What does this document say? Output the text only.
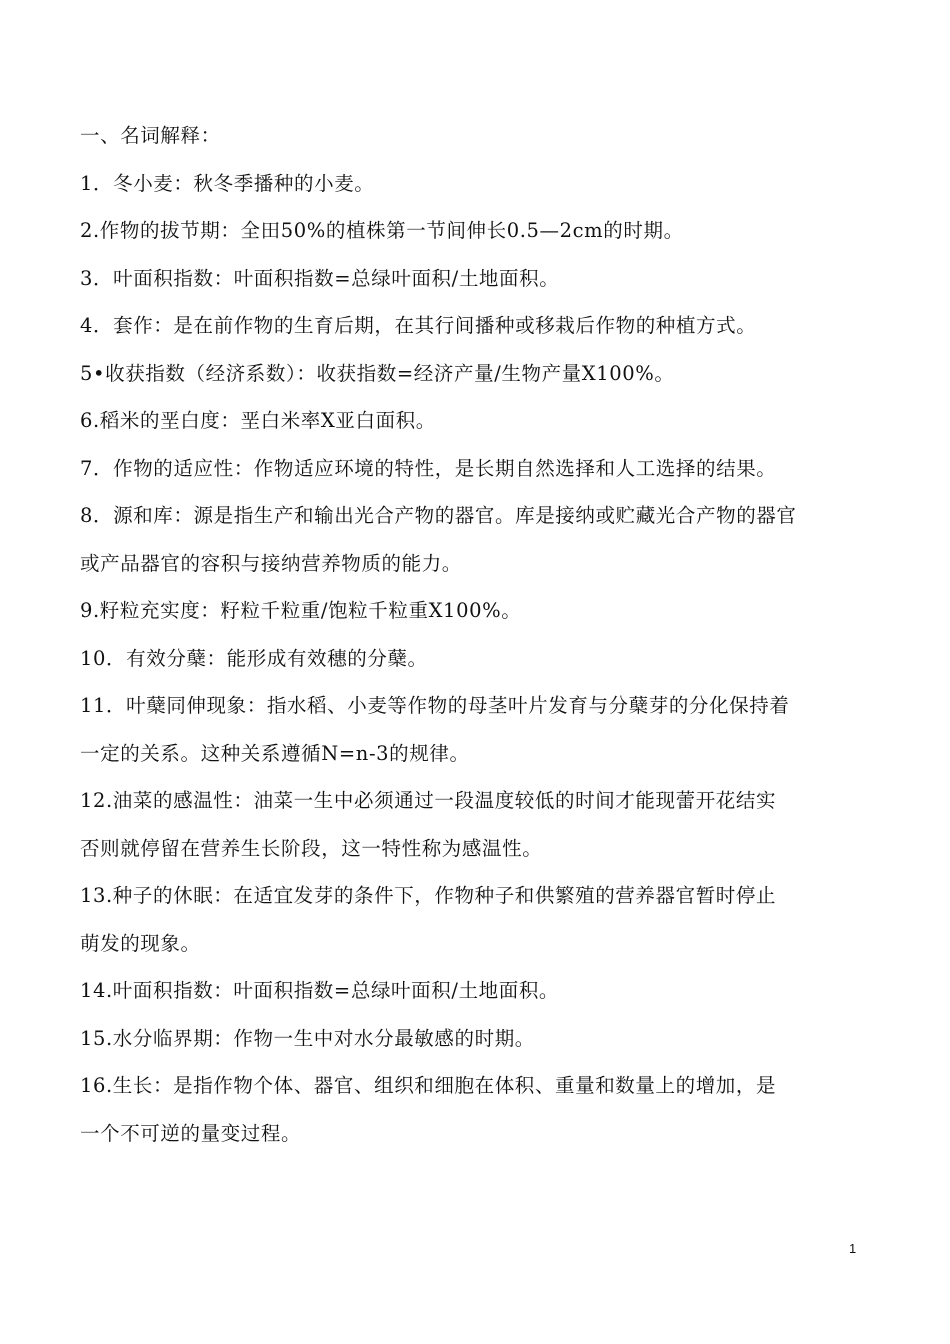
一、名词解释：
1．冬小麦：秋冬季播种的小麦。
2.作物的拔节期：全田50%的植株第一节间伸长0.5—2cm的时期。
3．叶面积指数：叶面积指数=总绿叶面积/土地面积。
4．套作：是在前作物的生育后期，在其行间播种或移栽后作物的种植方式。
5•收获指数（经济系数）：收获指数=经济产量/生物产量X100%。
6.稻米的垩白度：垩白米率X亚白面积。
7．作物的适应性：作物适应环境的特性，是长期自然选择和人工选择的结果。
8．源和库：源是指生产和输出光合产物的器官。库是接纳或贮藏光合产物的器官
或产品器官的容积与接纳营养物质的能力。
9.籽粒充实度：籽粒千粒重/饱粒千粒重X100%。
10．有效分蘖：能形成有效穗的分蘖。
11．叶蘖同伸现象：指水稻、小麦等作物的母茎叶片发育与分蘖芽的分化保持着
一定的关系。这种关系遵循N=n-3的规律。
12.油菜的感温性：油菜一生中必须通过一段温度较低的时间才能现蕾开花结实
否则就停留在营养生长阶段，这一特性称为感温性。
13.种子的休眠：在适宜发芽的条件下，作物种子和供繁殖的营养器官暂时停止
萌发的现象。
14.叶面积指数：叶面积指数=总绿叶面积/土地面积。
15.水分临界期：作物一生中对水分最敏感的时期。
16.生长：是指作物个体、器官、组织和细胞在体积、重量和数量上的增加，是
一个不可逆的量变过程。
1
